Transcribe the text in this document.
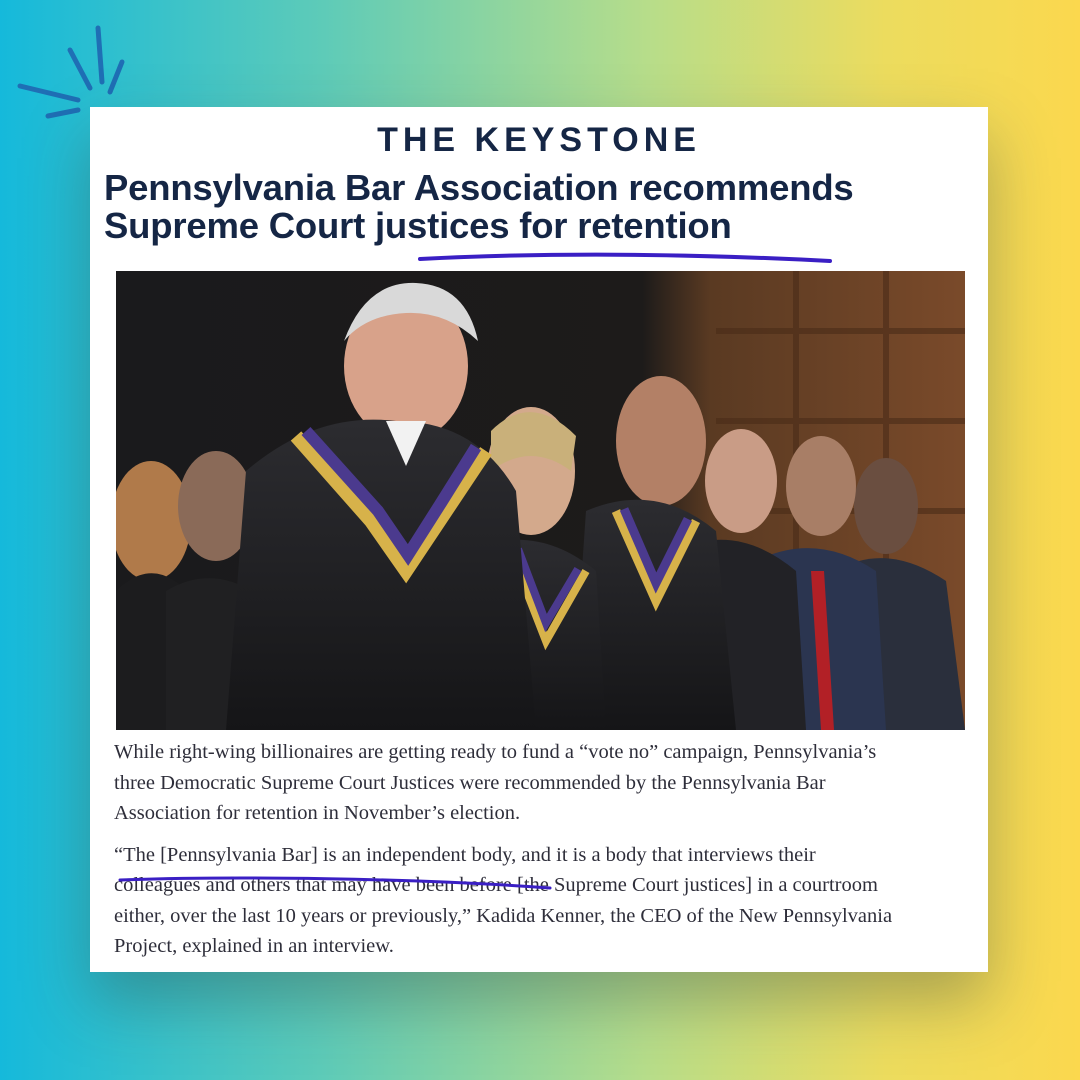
THE KEYSTONE
Pennsylvania Bar Association recommends
Supreme Court justices for retention

While right-wing billionaires are getting ready to fund a “vote no” campaign, Pennsylvania’s
three Democratic Supreme Court Justices were recommended by the Pennsylvania Bar
Association for retention in November’s election.

“The [Pennsylvania Bar] is an independent body, and it is a body that interviews their
colleagues and others that may have been before [the Supreme Court justices] in a courtroom
either, over the last 10 years or previously,” Kadida Kenner, the CEO of the New Pennsylvania
Project, explained in an interview.
